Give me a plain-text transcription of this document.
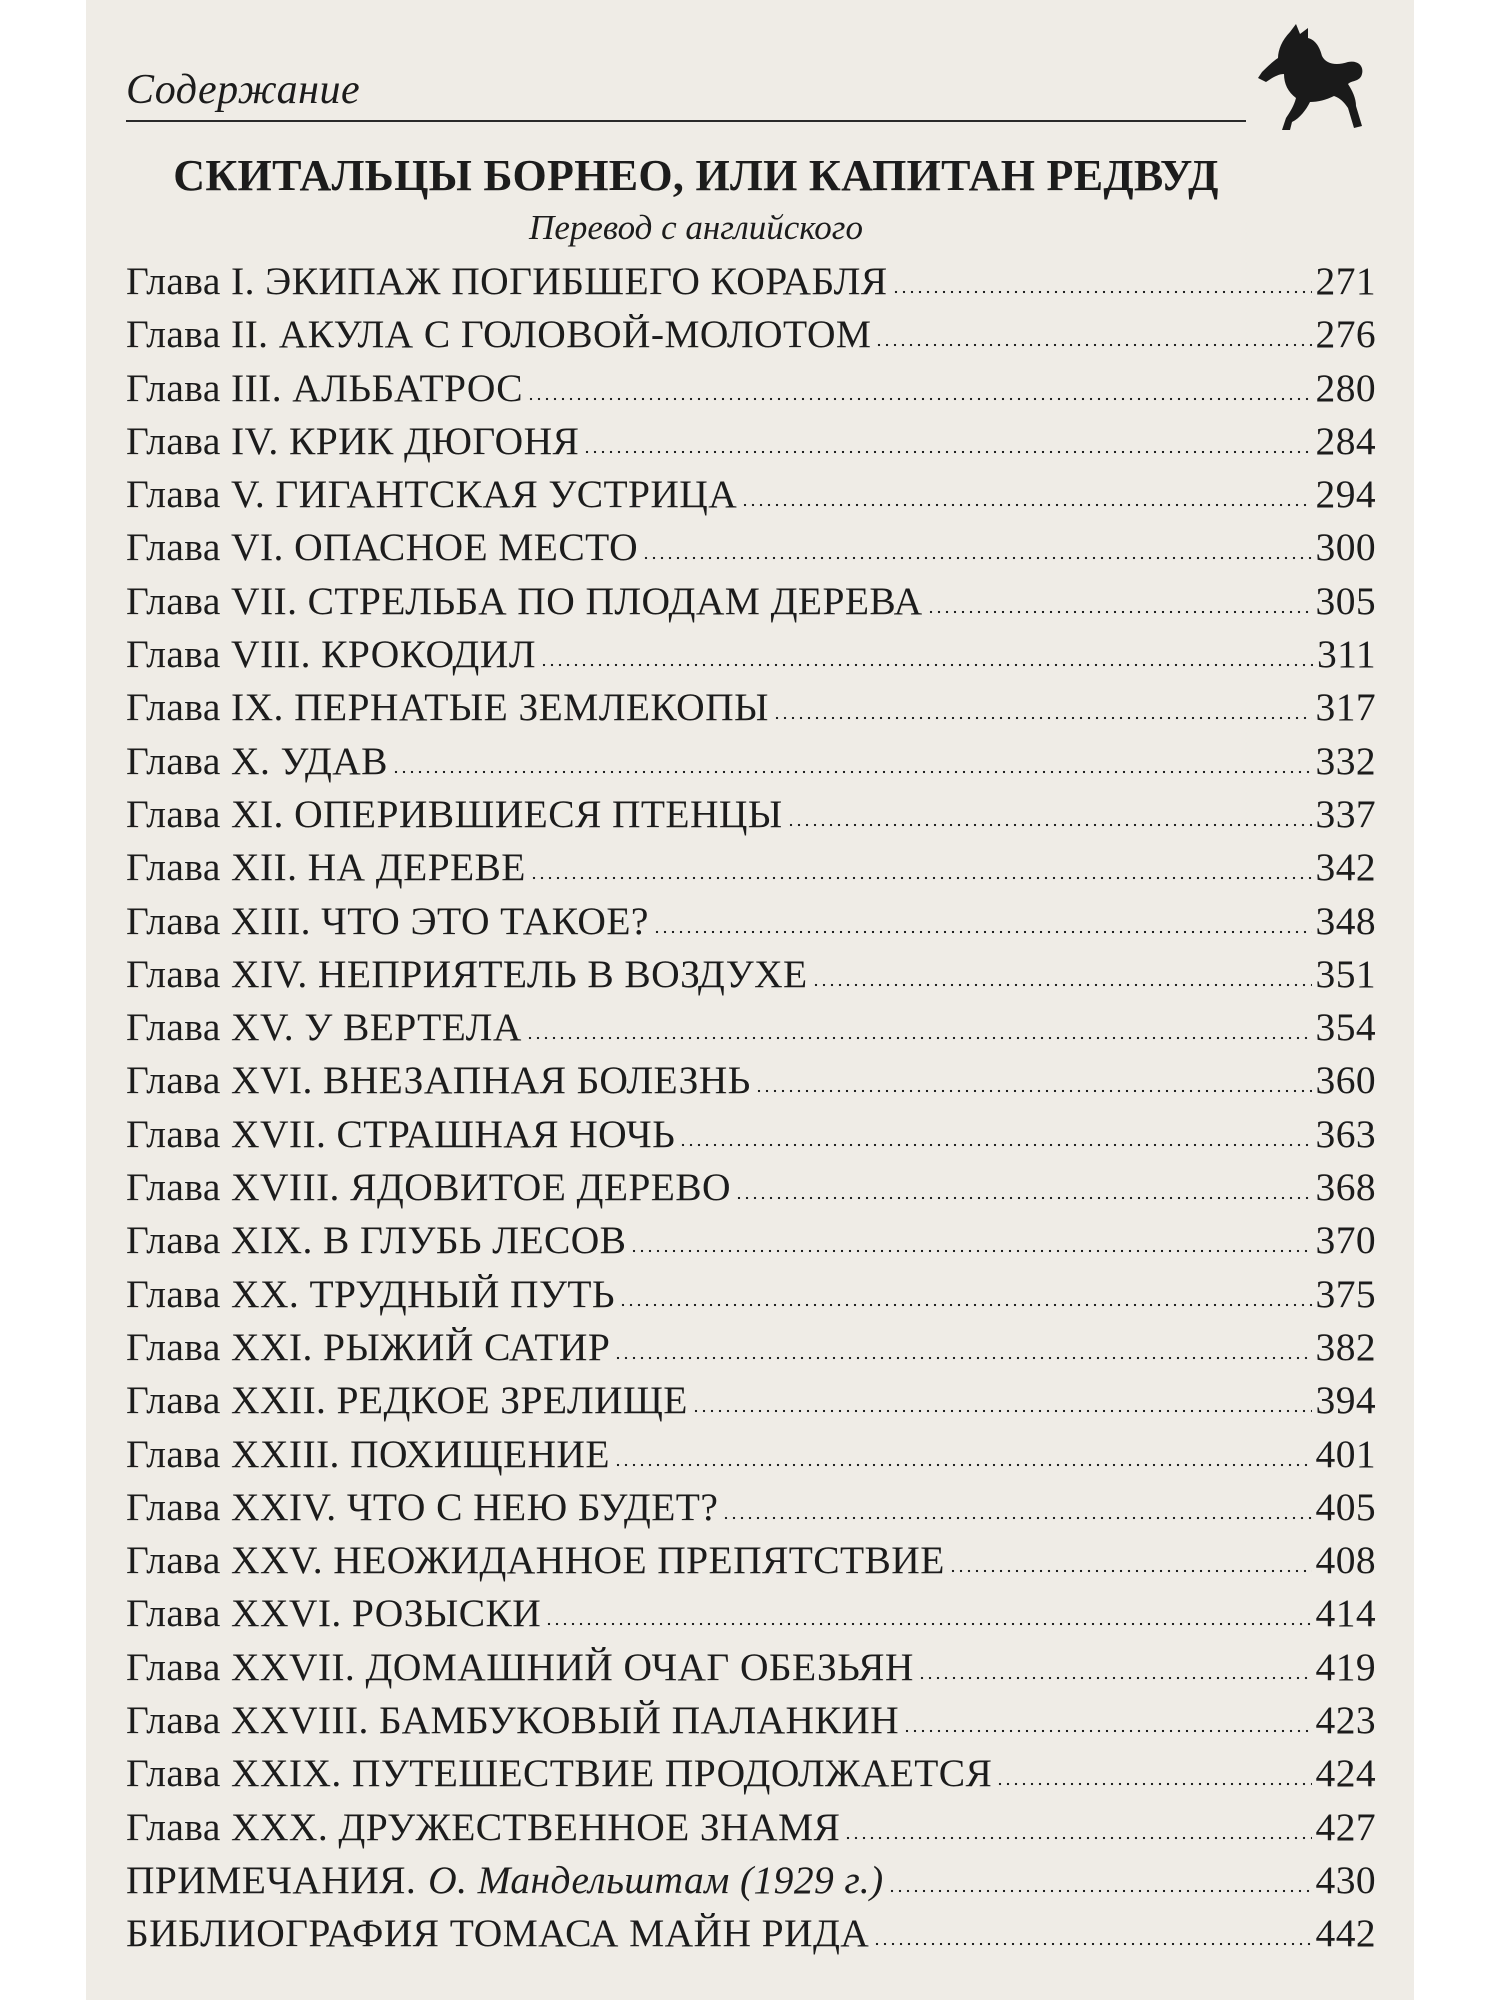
Содержание
СКИТАЛЬЦЫ БОРНЕО, ИЛИ КАПИТАН РЕДВУД
Перевод с английского
Глава I. ЭКИПАЖ ПОГИБШЕГО КОРАБЛЯ	271
Глава II. АКУЛА С ГОЛОВОЙ-МОЛОТОМ	276
Глава III. АЛЬБАТРОС	280
Глава IV. КРИК ДЮГОНЯ	284
Глава V. ГИГАНТСКАЯ УСТРИЦА	294
Глава VI. ОПАСНОЕ МЕСТО	300
Глава VII. СТРЕЛЬБА ПО ПЛОДАМ ДЕРЕВА	305
Глава VIII. КРОКОДИЛ	311
Глава IX. ПЕРНАТЫЕ ЗЕМЛЕКОПЫ	317
Глава X. УДАВ	332
Глава XI. ОПЕРИВШИЕСЯ ПТЕНЦЫ	337
Глава XII. НА ДЕРЕВЕ	342
Глава XIII. ЧТО ЭТО ТАКОЕ?	348
Глава XIV. НЕПРИЯТЕЛЬ В ВОЗДУХЕ	351
Глава XV. У ВЕРТЕЛА	354
Глава XVI. ВНЕЗАПНАЯ БОЛЕЗНЬ	360
Глава XVII. СТРАШНАЯ НОЧЬ	363
Глава XVIII. ЯДОВИТОЕ ДЕРЕВО	368
Глава XIX. В ГЛУБЬ ЛЕСОВ	370
Глава XX. ТРУДНЫЙ ПУТЬ	375
Глава XXI. РЫЖИЙ САТИР	382
Глава XXII. РЕДКОЕ ЗРЕЛИЩЕ	394
Глава XXIII. ПОХИЩЕНИЕ	401
Глава XXIV. ЧТО С НЕЮ БУДЕТ?	405
Глава XXV. НЕОЖИДАННОЕ ПРЕПЯТСТВИЕ	408
Глава XXVI. РОЗЫСКИ	414
Глава XXVII. ДОМАШНИЙ ОЧАГ ОБЕЗЬЯН	419
Глава XXVIII. БАМБУКОВЫЙ ПАЛАНКИН	423
Глава XXIX. ПУТЕШЕСТВИЕ ПРОДОЛЖАЕТСЯ	424
Глава XXX. ДРУЖЕСТВЕННОЕ ЗНАМЯ	427
ПРИМЕЧАНИЯ. О. Мандельштам (1929 г.)	430
БИБЛИОГРАФИЯ ТОМАСА МАЙН РИДА	442
